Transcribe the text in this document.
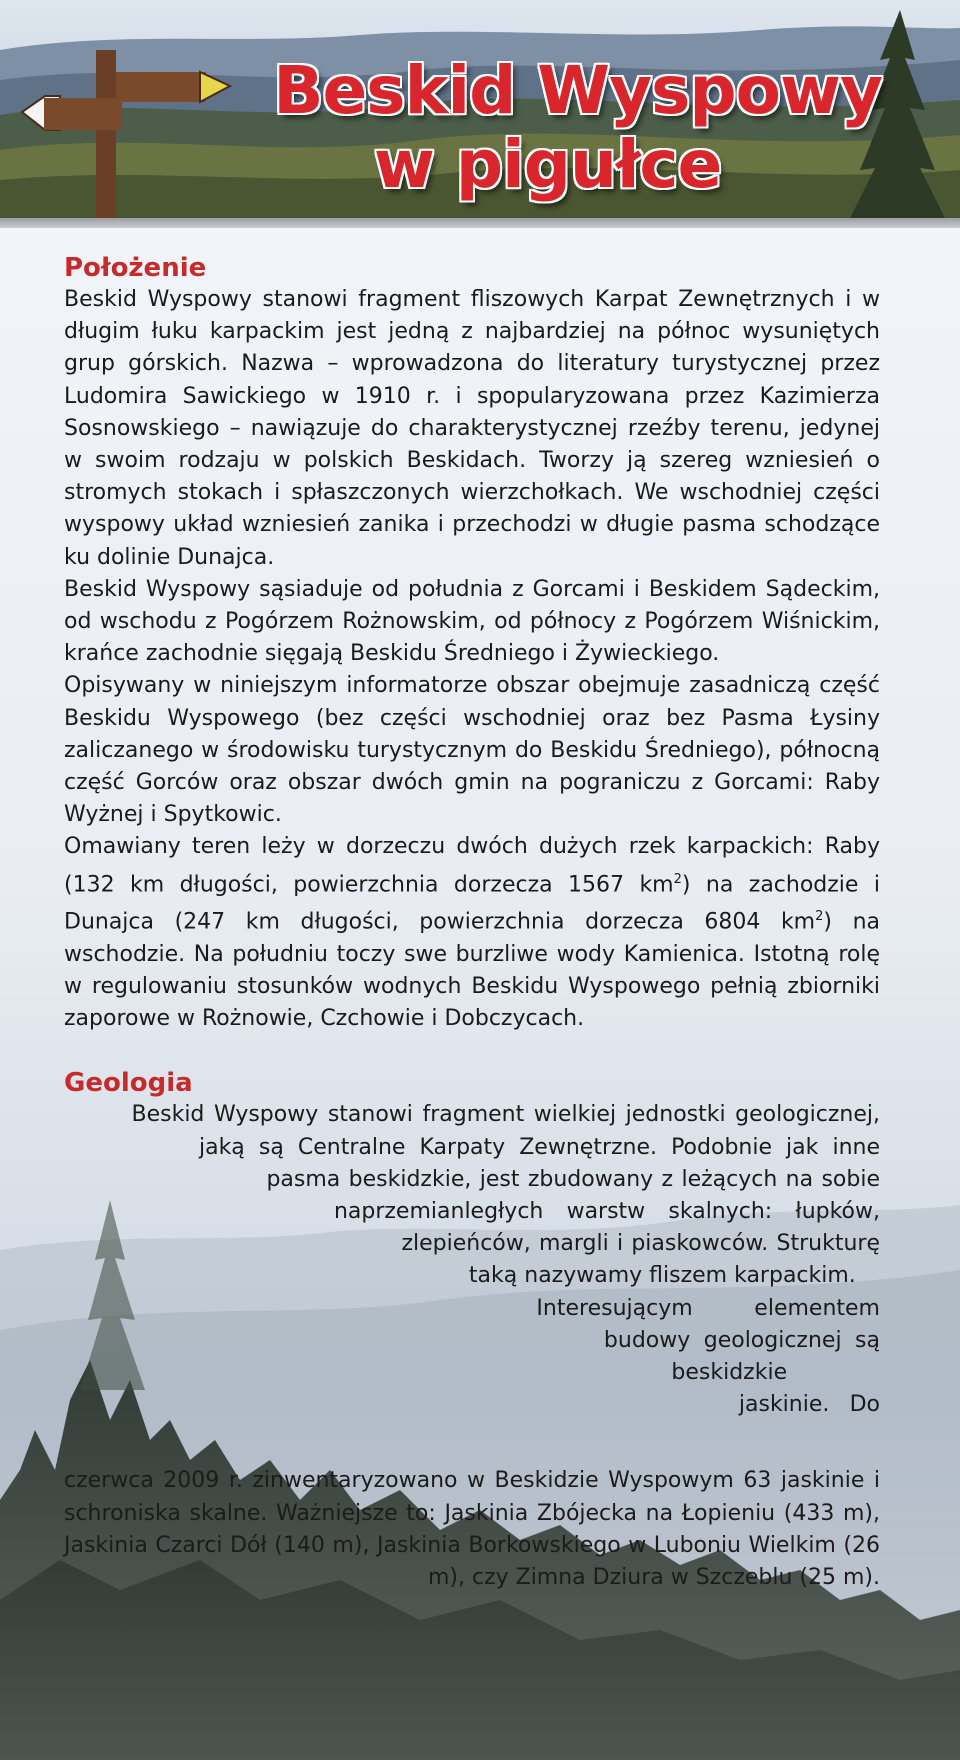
Beskid Wyspowy
w pigułce
Położenie

Beskid Wyspowy stanowi fragment fliszowych Karpat Zewnętrznych i w długim łuku karpackim jest jedną z najbardziej na północ wysuniętych grup górskich. Nazwa – wprowadzona do literatury turystycznej przez Ludomira Sawickiego w 1910 r. i spopularyzowana przez Kazimierza Sosnowskiego – nawiązuje do charakterystycznej rzeźby terenu, jedynej w swoim rodzaju w polskich Beskidach. Tworzy ją szereg wzniesień o stromych stokach i spłaszczonych wierzchołkach. We wschodniej części wyspowy układ wzniesień zanika i przechodzi w długie pasma schodzące ku dolinie Dunajca.

Beskid Wyspowy sąsiaduje od południa z Gorcami i Beskidem Sądeckim, od wschodu z Pogórzem Rożnowskim, od północy z Pogórzem Wiśnickim, krańce zachodnie sięgają Beskidu Średniego i Żywieckiego.

Opisywany w niniejszym informatorze obszar obejmuje zasadniczą część Beskidu Wyspowego (bez części wschodniej oraz bez Pasma Łysiny zaliczanego w środowisku turystycznym do Beskidu Średniego), północną część Gorców oraz obszar dwóch gmin na pograniczu z Gorcami: Raby Wyżnej i Spytkowic.

Omawiany teren leży w dorzeczu dwóch dużych rzek karpackich: Raby (132 km długości, powierzchnia dorzecza 1567 $km^2$) na zachodzie i Dunajca (247 km długości, powierzchnia dorzecza 6804 $km^2$) na wschodzie. Na południu toczy swe burzliwe wody Kamienica. Istotną rolę w regulowaniu stosunków wodnych Beskidu Wyspowego pełnią zbiorniki zaporowe w Rożnowie, Czchowie i Dobczycach.

Geologia

Beskid Wyspowy stanowi fragment wielkiej jednostki geologicznej, jaką są Centralne Karpaty Zewnętrzne. Podobnie jak inne pasma beskidzkie, jest zbudowany z leżących na sobie naprzemianległych warstw skalnych: łupków, zlepieńców, margli i piaskowców. Strukturę taką nazywamy fliszem karpackim.

Interesującym elementem budowy geologicznej są beskidzkie jaskinie. Do czerwca 2009 r. zinwentaryzowano w Beskidzie Wyspowym 63 jaskinie i schroniska skalne. Ważniejsze to: Jaskinia Zbójecka na Łopieniu (433 m), Jaskinia Czarci Dół (140 m), Jaskinia Borkowskiego w Luboniu Wielkim (26 m), czy Zimna Dziura w Szczeblu (25 m).
